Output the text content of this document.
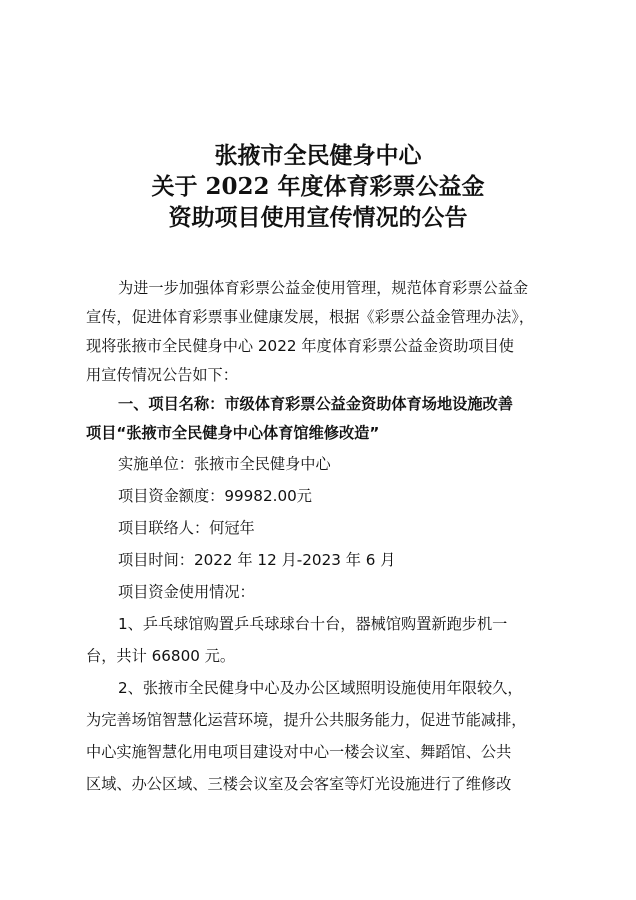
张掖市全民健身中心
关于 2022 年度体育彩票公益金
资助项目使用宣传情况的公告
为进一步加强体育彩票公益金使用管理，规范体育彩票公益金
宣传，促进体育彩票事业健康发展，根据《彩票公益金管理办法》，
现将张掖市全民健身中心 2022 年度体育彩票公益金资助项目使
用宣传情况公告如下：
一、项目名称：市级体育彩票公益金资助体育场地设施改善
项目“张掖市全民健身中心体育馆维修改造”
实施单位：张掖市全民健身中心
项目资金额度：99982.00元
项目联络人：何冠年
项目时间：2022 年 12 月-2023 年 6 月
项目资金使用情况：
1、乒乓球馆购置乒乓球球台十台，器械馆购置新跑步机一
台，共计 66800 元。
2、张掖市全民健身中心及办公区域照明设施使用年限较久，
为完善场馆智慧化运营环境，提升公共服务能力，促进节能减排，
中心实施智慧化用电项目建设对中心一楼会议室、舞蹈馆、公共
区域、办公区域、三楼会议室及会客室等灯光设施进行了维修改
